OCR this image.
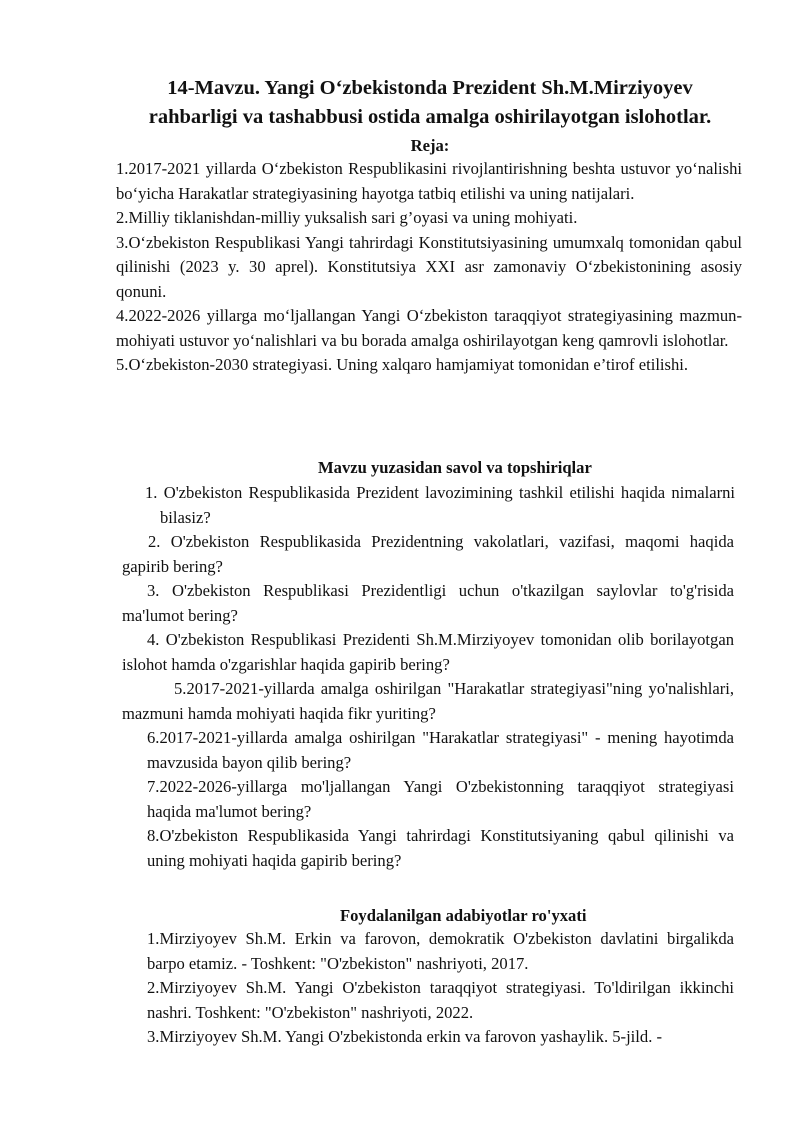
14-Mavzu. Yangi O‘zbekistonda Prezident Sh.M.Mirziyoyev
rahbarligi va tashabbusi ostida amalga oshirilayotgan islohotlar.
Reja:

1.2017-2021 yillarda O‘zbekiston Respublikasini rivojlantirishning beshta ustuvor yo‘nalishi bo‘yicha Harakatlar strategiyasining hayotga tatbiq etilishi va uning natijalari.

2.Milliy tiklanishdan-milliy yuksalish sari g’oyasi va uning mohiyati.

3.O‘zbekiston Respublikasi Yangi tahrirdagi Konstitutsiyasining umumxalq tomonidan qabul qilinishi (2023 y. 30 aprel). Konstitutsiya XXI asr zamonaviy O‘zbekistonining asosiy qonuni.

4.2022-2026 yillarga mo‘ljallangan Yangi O‘zbekiston taraqqiyot strategiyasining mazmun-mohiyati ustuvor yo‘nalishlari va bu borada amalga oshirilayotgan keng qamrovli islohotlar.

5.O‘zbekiston-2030 strategiyasi. Uning xalqaro hamjamiyat tomonidan e’tirof etilishi.

Mavzu yuzasidan savol va topshiriqlar

1. O'zbekiston Respublikasida Prezident lavozimining tashkil etilishi haqida nimalarni bilasiz?

2. O'zbekiston Respublikasida Prezidentning vakolatlari, vazifasi, maqomi haqida gapirib bering?

3. O'zbekiston Respublikasi Prezidentligi uchun o'tkazilgan saylovlar to'g'risida ma'lumot bering?

4. O'zbekiston Respublikasi Prezidenti Sh.M.Mirziyoyev tomonidan olib borilayotgan islohot hamda o'zgarishlar haqida gapirib bering?

5.2017-2021-yillarda amalga oshirilgan "Harakatlar strategiyasi"ning yo'nalishlari, mazmuni hamda mohiyati haqida fikr yuriting?

6.2017-2021-yillarda amalga oshirilgan "Harakatlar strategiyasi" - mening hayotimda mavzusida bayon qilib bering?

7.2022-2026-yillarga mo'ljallangan Yangi O'zbekistonning taraqqiyot strategiyasi haqida ma'lumot bering?

8.O'zbekiston Respublikasida Yangi tahrirdagi Konstitutsiyaning qabul qilinishi va uning mohiyati haqida gapirib bering?

Foydalanilgan adabiyotlar ro'yxati

1.Mirziyoyev Sh.M. Erkin va farovon, demokratik O'zbekiston davlatini birgalikda barpo etamiz. - Toshkent: "O'zbekiston" nashriyoti, 2017.

2.Mirziyoyev Sh.M. Yangi O'zbekiston taraqqiyot strategiyasi. To'ldirilgan ikkinchi nashri. Toshkent: "O'zbekiston" nashriyoti, 2022.

3.Mirziyoyev Sh.M. Yangi O'zbekistonda erkin va farovon yashaylik. 5-jild. -
